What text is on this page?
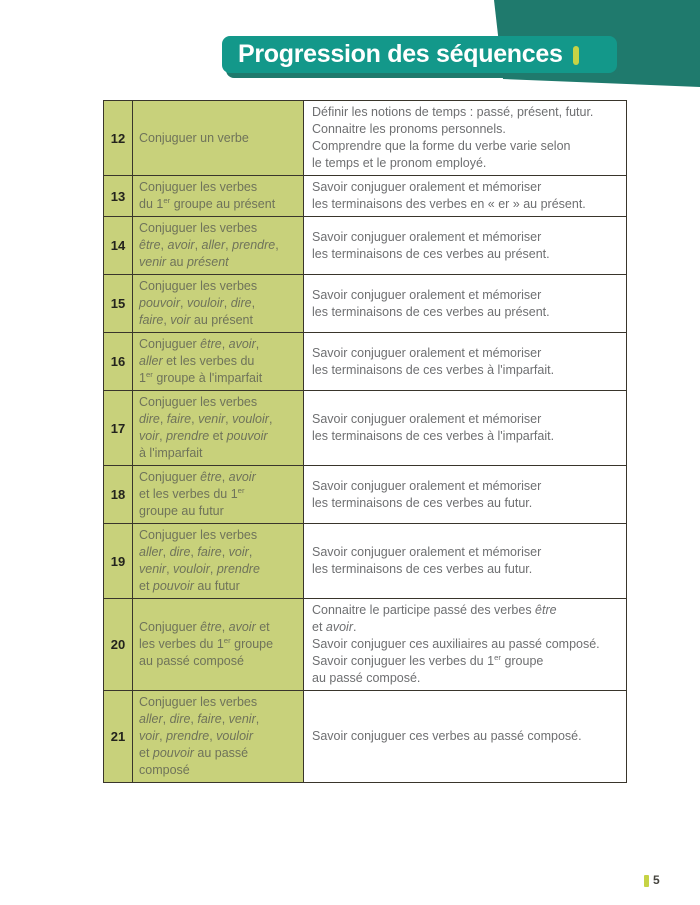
Progression des séquences
12	Conjuguer un verbe	Définir les notions de temps : passé, présent, futur.
Connaitre les pronoms personnels.
Comprendre que la forme du verbe varie selon
le temps et le pronom employé.
13	Conjuguer les verbes
du 1er groupe au présent	Savoir conjuguer oralement et mémoriser
les terminaisons des verbes en « er » au présent.
14	Conjuguer les verbes
être, avoir, aller, prendre,
venir au présent	Savoir conjuguer oralement et mémoriser
les terminaisons de ces verbes au présent.
15	Conjuguer les verbes
pouvoir, vouloir, dire,
faire, voir au présent	Savoir conjuguer oralement et mémoriser
les terminaisons de ces verbes au présent.
16	Conjuguer être, avoir,
aller et les verbes du
1er groupe à l'imparfait	Savoir conjuguer oralement et mémoriser
les terminaisons de ces verbes à l'imparfait.
17	Conjuguer les verbes
dire, faire, venir, vouloir,
voir, prendre et pouvoir
à l'imparfait	Savoir conjuguer oralement et mémoriser
les terminaisons de ces verbes à l'imparfait.
18	Conjuguer être, avoir
et les verbes du 1er
groupe au futur	Savoir conjuguer oralement et mémoriser
les terminaisons de ces verbes au futur.
19	Conjuguer les verbes
aller, dire, faire, voir,
venir, vouloir, prendre
et pouvoir au futur	Savoir conjuguer oralement et mémoriser
les terminaisons de ces verbes au futur.
20	Conjuguer être, avoir et
les verbes du 1er groupe
au passé composé	Connaitre le participe passé des verbes être
et avoir.
Savoir conjuguer ces auxiliaires au passé composé.
Savoir conjuguer les verbes du 1er groupe
au passé composé.
21	Conjuguer les verbes
aller, dire, faire, venir,
voir, prendre, vouloir
et pouvoir au passé
composé	Savoir conjuguer ces verbes au passé composé.
5
